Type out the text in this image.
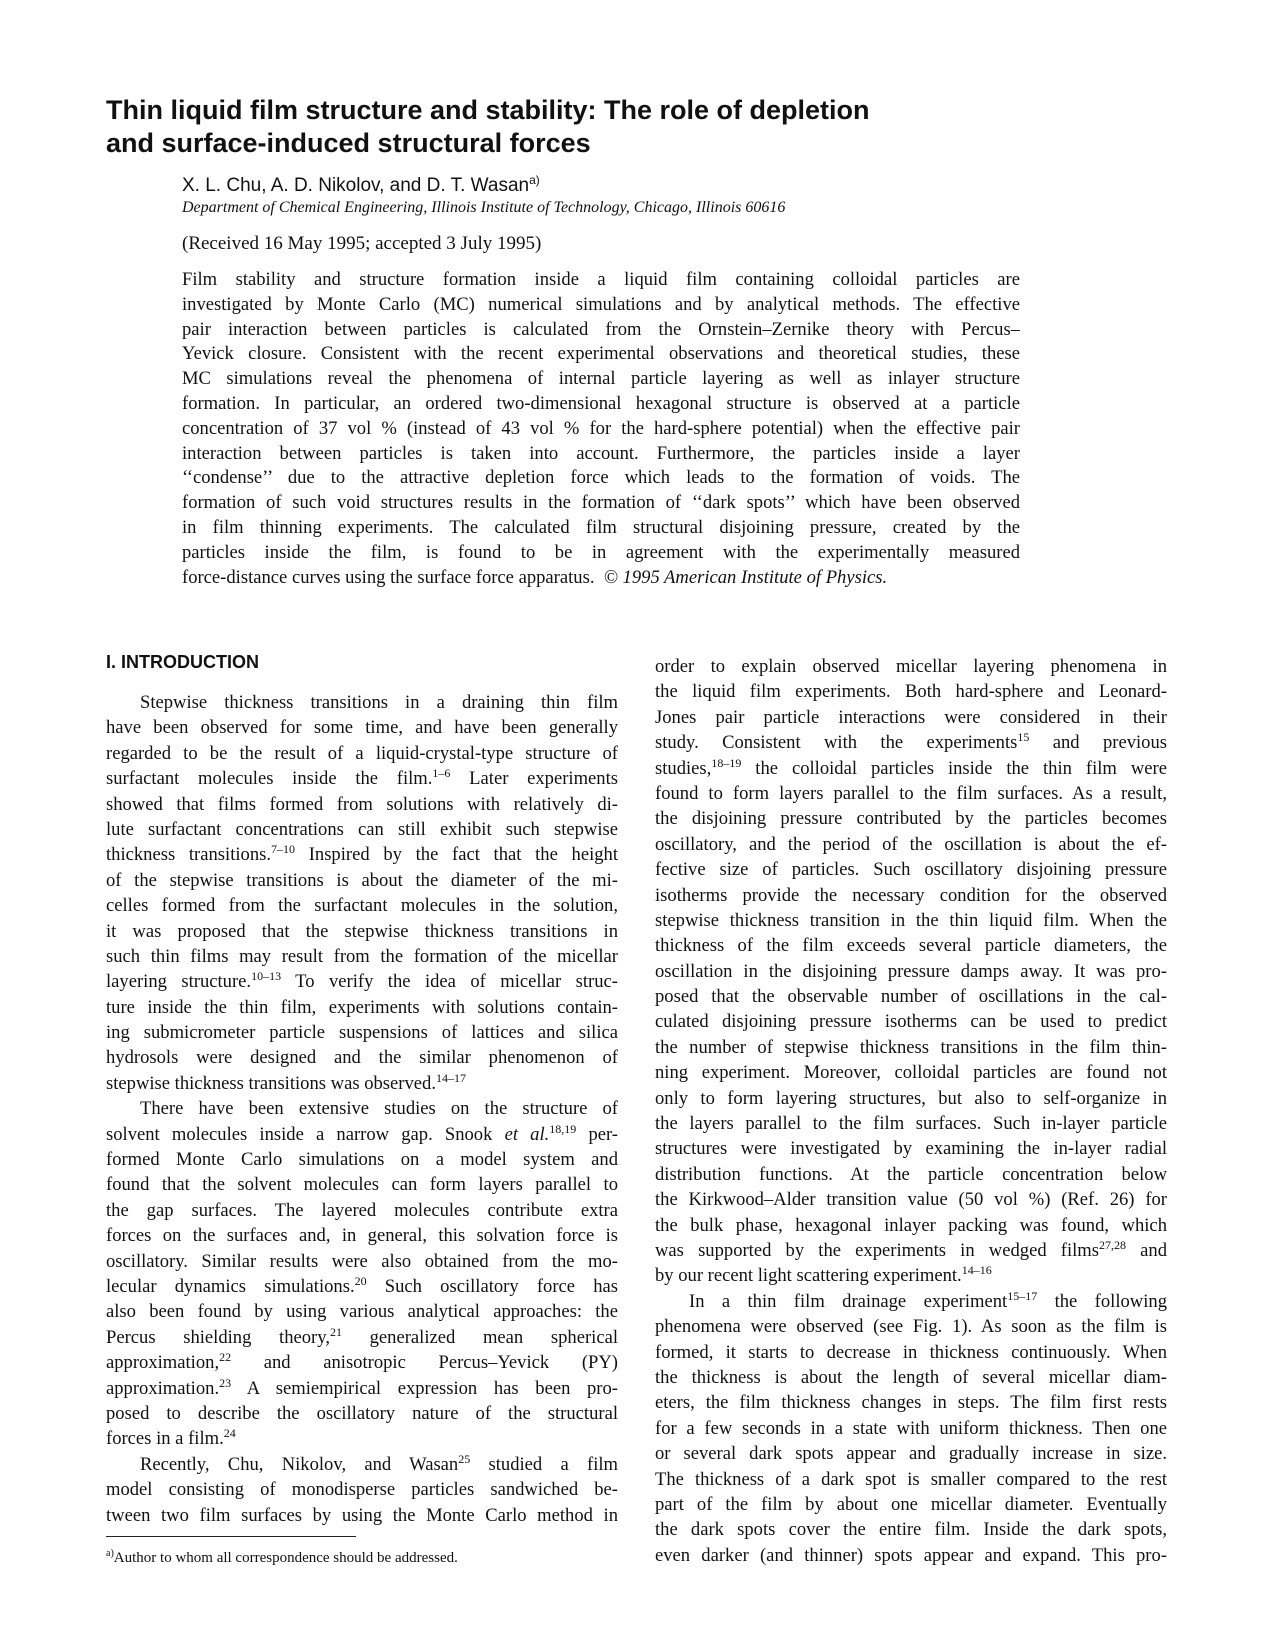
Thin liquid film structure and stability: The role of depletion
and surface-induced structural forces

X. L. Chu, A. D. Nikolov, and D. T. Wasan$^{a)}$

Department of Chemical Engineering, Illinois Institute of Technology, Chicago, Illinois 60616

(Received 16 May 1995; accepted 3 July 1995)

Film stability and structure formation inside a liquid film containing colloidal particles are
investigated by Monte Carlo (MC) numerical simulations and by analytical methods. The effective
pair interaction between particles is calculated from the Ornstein–Zernike theory with Percus–
Yevick closure. Consistent with the recent experimental observations and theoretical studies, these
MC simulations reveal the phenomena of internal particle layering as well as inlayer structure
formation. In particular, an ordered two-dimensional hexagonal structure is observed at a particle
concentration of 37 vol % (instead of 43 vol % for the hard-sphere potential) when the effective pair
interaction between particles is taken into account. Furthermore, the particles inside a layer
‘‘condense’’ due to the attractive depletion force which leads to the formation of voids. The
formation of such void structures results in the formation of ‘‘dark spots’’ which have been observed
in film thinning experiments. The calculated film structural disjoining pressure, created by the
particles inside the film, is found to be in agreement with the experimentally measured
force-distance curves using the surface force apparatus. © 1995 American Institute of Physics.
I. INTRODUCTION
Stepwise thickness transitions in a draining thin film
have been observed for some time, and have been generally
regarded to be the result of a liquid-crystal-type structure of
surfactant molecules inside the film.$^{1-6}$ Later experiments
showed that films formed from solutions with relatively di-
lute surfactant concentrations can still exhibit such stepwise
thickness transitions.$^{7-10}$ Inspired by the fact that the height
of the stepwise transitions is about the diameter of the mi-
celles formed from the surfactant molecules in the solution,
it was proposed that the stepwise thickness transitions in
such thin films may result from the formation of the micellar
layering structure.$^{10-13}$ To verify the idea of micellar struc-
ture inside the thin film, experiments with solutions contain-
ing submicrometer particle suspensions of lattices and silica
hydrosols were designed and the similar phenomenon of
stepwise thickness transitions was observed.$^{14-17}$
There have been extensive studies on the structure of
solvent molecules inside a narrow gap. Snook et al.$^{18,19}$ per-
formed Monte Carlo simulations on a model system and
found that the solvent molecules can form layers parallel to
the gap surfaces. The layered molecules contribute extra
forces on the surfaces and, in general, this solvation force is
oscillatory. Similar results were also obtained from the mo-
lecular dynamics simulations.$^{20}$ Such oscillatory force has
also been found by using various analytical approaches: the
Percus shielding theory,$^{21}$ generalized mean spherical
approximation,$^{22}$ and anisotropic Percus–Yevick (PY)
approximation.$^{23}$ A semiempirical expression has been pro-
posed to describe the oscillatory nature of the structural
forces in a film.$^{24}$
Recently, Chu, Nikolov, and Wasan$^{25}$ studied a film
model consisting of monodisperse particles sandwiched be-
tween two film surfaces by using the Monte Carlo method in
order to explain observed micellar layering phenomena in
the liquid film experiments. Both hard-sphere and Leonard-
Jones pair particle interactions were considered in their
study. Consistent with the experiments$^{15}$ and previous
studies,$^{18-19}$ the colloidal particles inside the thin film were
found to form layers parallel to the film surfaces. As a result,
the disjoining pressure contributed by the particles becomes
oscillatory, and the period of the oscillation is about the ef-
fective size of particles. Such oscillatory disjoining pressure
isotherms provide the necessary condition for the observed
stepwise thickness transition in the thin liquid film. When the
thickness of the film exceeds several particle diameters, the
oscillation in the disjoining pressure damps away. It was pro-
posed that the observable number of oscillations in the cal-
culated disjoining pressure isotherms can be used to predict
the number of stepwise thickness transitions in the film thin-
ning experiment. Moreover, colloidal particles are found not
only to form layering structures, but also to self-organize in
the layers parallel to the film surfaces. Such in-layer particle
structures were investigated by examining the in-layer radial
distribution functions. At the particle concentration below
the Kirkwood–Alder transition value (50 vol %) (Ref. 26) for
the bulk phase, hexagonal inlayer packing was found, which
was supported by the experiments in wedged films$^{27,28}$ and
by our recent light scattering experiment.$^{14-16}$
In a thin film drainage experiment$^{15-17}$ the following
phenomena were observed (see Fig. 1). As soon as the film is
formed, it starts to decrease in thickness continuously. When
the thickness is about the length of several micellar diam-
eters, the film thickness changes in steps. The film first rests
for a few seconds in a state with uniform thickness. Then one
or several dark spots appear and gradually increase in size.
The thickness of a dark spot is smaller compared to the rest
part of the film by about one micellar diameter. Eventually
the dark spots cover the entire film. Inside the dark spots,
even darker (and thinner) spots appear and expand. This pro-

$^{a)}$Author to whom all correspondence should be addressed.
